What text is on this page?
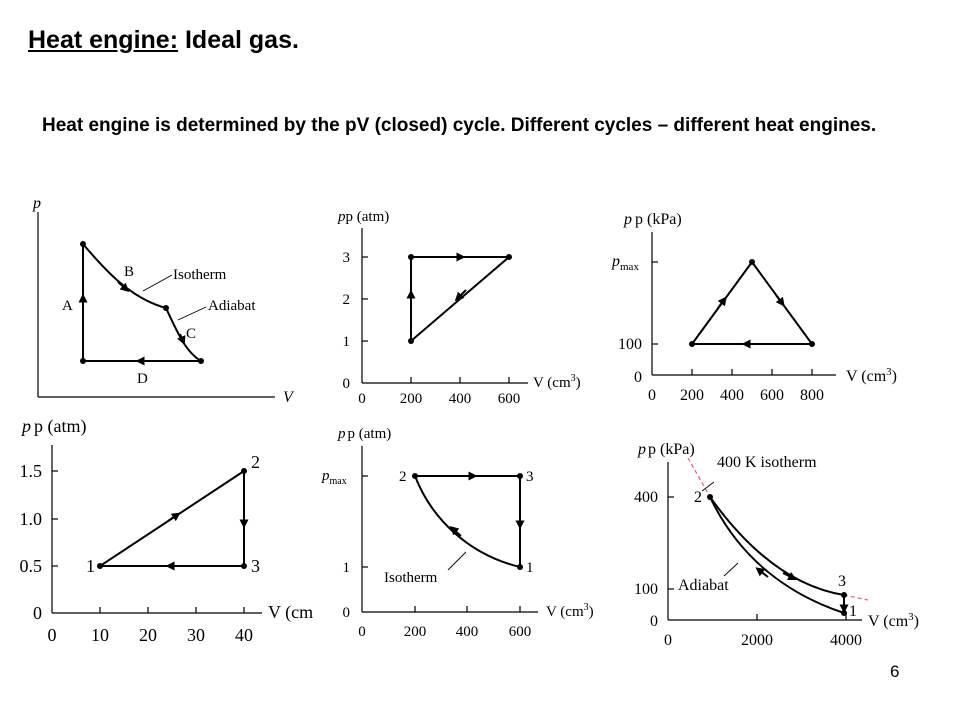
Heat engine: Ideal gas.
Heat engine is determined by the pV (closed) cycle. Different cycles – different heat engines.
6
p
V
A
B
C
D
Isotherm
Adiabat
pp (atm)
V $(cm^3)$
0
1
2
3
0 200 400 600
p p (kPa)
V $(cm^3)$
$p_{max}$
100
0
0 200 400 600 800
p p (atm)
V (cm
0
0.5
1.0
1.5
0 10 20 30 40
1
2
3
p p (atm)
V $(cm^3)$
$p_{max}$
1
0
0	200 400 600
2	3
1
Isotherm
p p (kPa)
V $(cm^3)$
400
100
0
0	2000	4000
2
3
1
400 K isotherm
Adiabat
